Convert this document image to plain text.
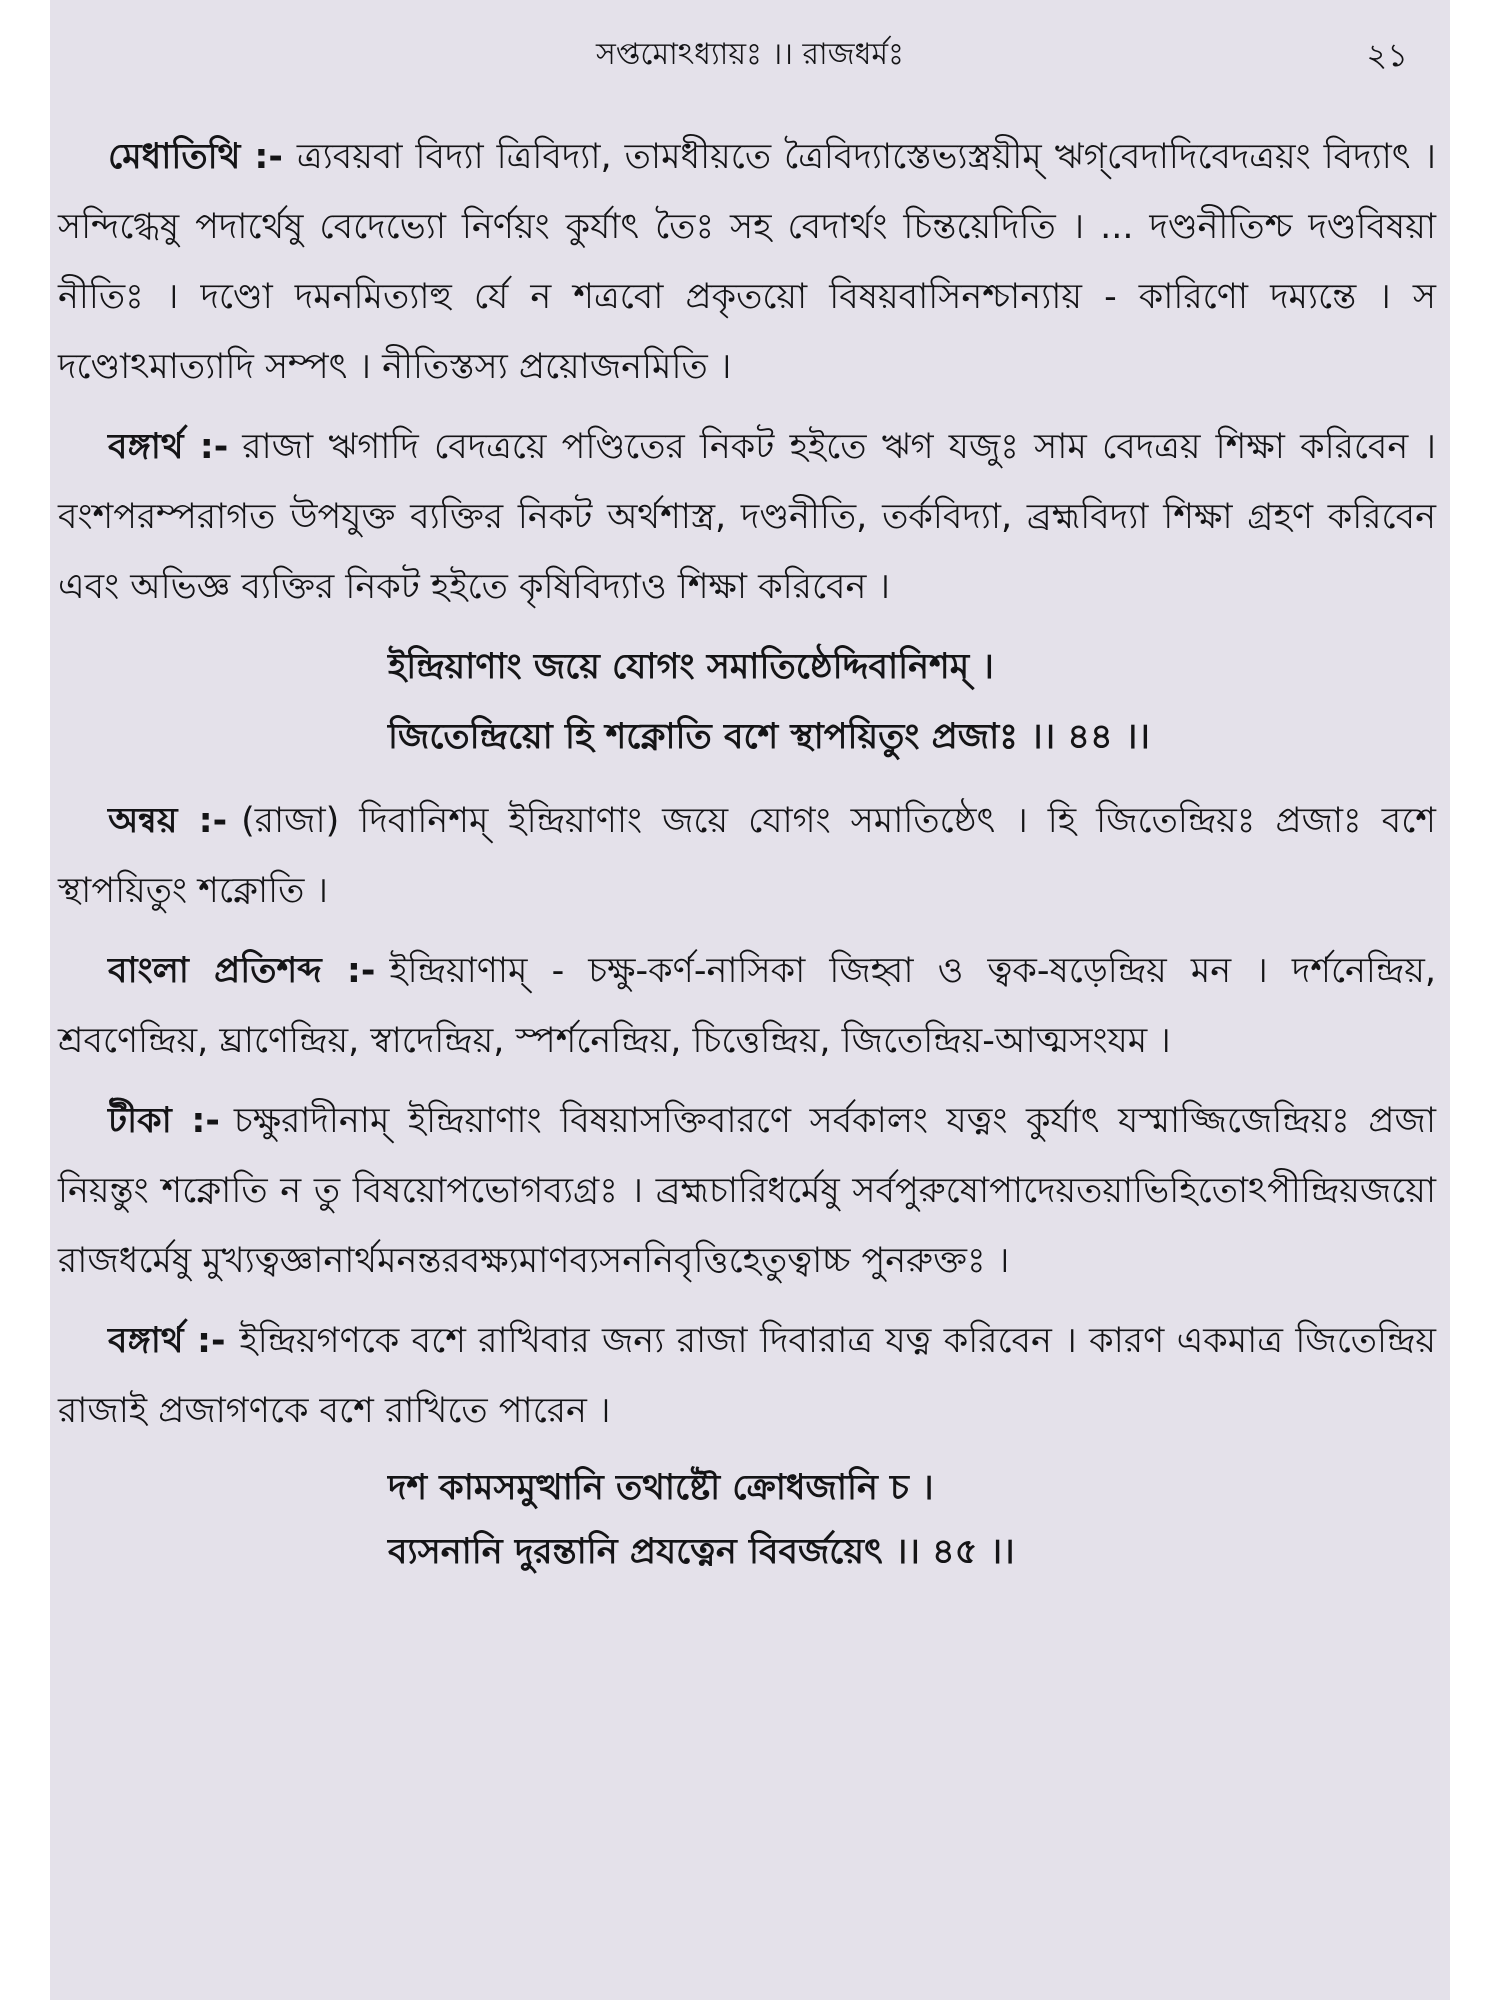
সপ্তমোঽধ্যায়ঃ ।। রাজধর্মঃ	২১

মেধাতিথি :- ত্র্যবয়বা বিদ্যা ত্রিবিদ্যা, তামধীয়তে ত্রৈবিদ্যাস্তেভ্যস্ত্রয়ীম্ ঋগ্‌বেদাদিবেদত্রয়ং বিদ্যাৎ । সন্দিগ্ধেষু পদার্থেষু বেদেভ্যো নির্ণয়ং কুর্যাৎ তৈঃ সহ বেদার্থং চিন্তয়েদিতি । ... দণ্ডনীতিশ্চ দণ্ডবিষয়া নীতিঃ । দণ্ডো দমনমিত্যাহু র্যে ন শত্রবো প্রকৃতয়ো বিষয়বাসিনশ্চান্যায় - কারিণো দম্যন্তে । স দণ্ডোঽমাত্যাদি সম্পৎ । নীতিস্তস্য প্রয়োজনমিতি ।

বঙ্গার্থ :- রাজা ঋগাদি বেদত্রয়ে পণ্ডিতের নিকট হইতে ঋগ যজুঃ সাম বেদত্রয় শিক্ষা করিবেন । বংশপরম্পরাগত উপযুক্ত ব্যক্তির নিকট অর্থশাস্ত্র, দণ্ডনীতি, তর্কবিদ্যা, ব্রহ্মবিদ্যা শিক্ষা গ্রহণ করিবেন এবং অভিজ্ঞ ব্যক্তির নিকট হইতে কৃষিবিদ্যাও শিক্ষা করিবেন ।

ইন্দ্রিয়াণাং জয়ে যোগং সমাতিষ্ঠেদ্দিবানিশম্ ।
জিতেন্দ্রিয়ো হি শক্নোতি বশে স্থাপয়িতুং প্রজাঃ ।। ৪৪ ।।

অন্বয় :- (রাজা) দিবানিশম্ ইন্দ্রিয়াণাং জয়ে যোগং সমাতিষ্ঠেৎ । হি জিতেন্দ্রিয়ঃ প্রজাঃ বশে স্থাপয়িতুং শক্নোতি ।

বাংলা প্রতিশব্দ :- ইন্দ্রিয়াণাম্ - চক্ষু-কর্ণ-নাসিকা জিহ্বা ও ত্বক-ষড়েন্দ্রিয় মন । দর্শনেন্দ্রিয়, শ্রবণেন্দ্রিয়, ঘ্রাণেন্দ্রিয়, স্বাদেন্দ্রিয়, স্পর্শনেন্দ্রিয়, চিত্তেন্দ্রিয়, জিতেন্দ্রিয়-আত্মসংযম ।

টীকা :- চক্ষুরাদীনাম্ ইন্দ্রিয়াণাং বিষয়াসক্তিবারণে সর্বকালং যত্নং কুর্যাৎ যস্মাজ্জিজেন্দ্রিয়ঃ প্রজা নিয়ন্তুং শক্নোতি ন তু বিষয়োপভোগব্যগ্রঃ । ব্রহ্মচারিধর্মেষু সর্বপুরুষোপাদেয়তয়াভিহিতোঽপীন্দ্রিয়জয়ো রাজধর্মেষু মুখ্যত্বজ্ঞানার্থমনন্তরবক্ষ্যমাণব্যসননিবৃত্তিহেতুত্বাচ্চ পুনরুক্তঃ ।

বঙ্গার্থ :- ইন্দ্রিয়গণকে বশে রাখিবার জন্য রাজা দিবারাত্র যত্ন করিবেন । কারণ একমাত্র জিতেন্দ্রিয় রাজাই প্রজাগণকে বশে রাখিতে পারেন ।

দশ কামসমুত্থানি তথাষ্টৌ ক্রোধজানি চ ।
ব্যসনানি দুরন্তানি প্রযত্নেন বিবর্জয়েৎ ।। ৪৫ ।।
